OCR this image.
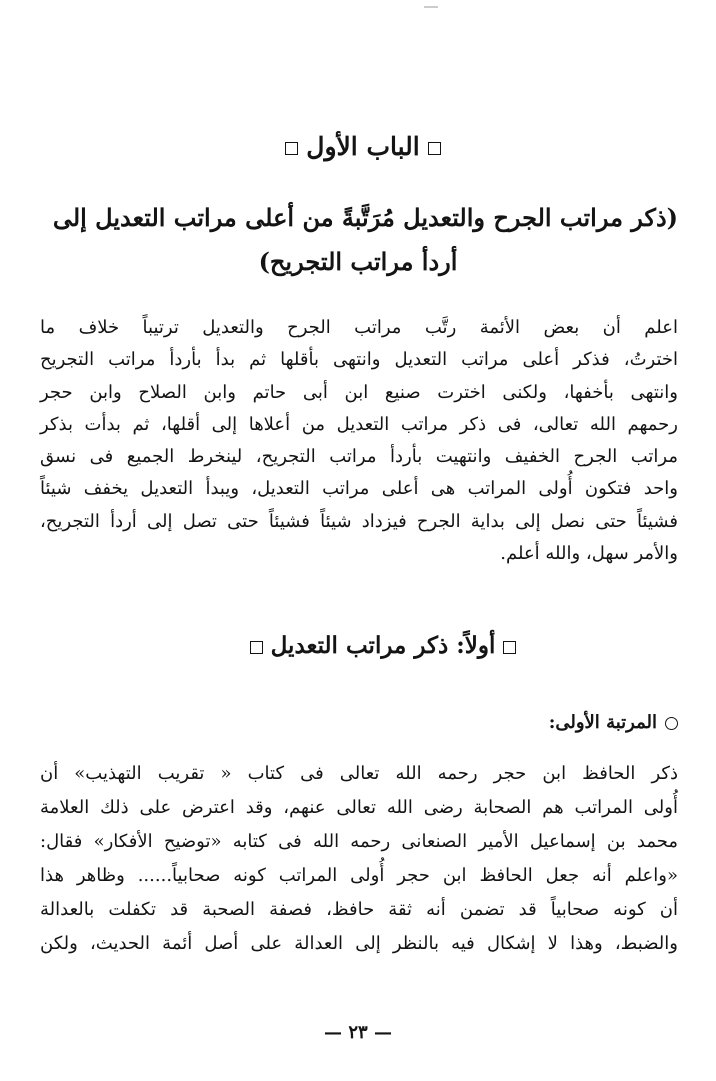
الباب الأول
(ذكر مراتب الجرح والتعديل مُرَتَّبةً من أعلى مراتب التعديل إلى
أردأ مراتب التجريح)
اعلم أن بعض الأئمة رتَّب مراتب الجرح والتعديل ترتيباً خلاف ما
اخترتُ، فذكر أعلى مراتب التعديل وانتهى بأقلها ثم بدأ بأردأ مراتب التجريح
وانتهى بأخفها، ولكنى اخترت صنيع ابن أبى حاتم وابن الصلاح وابن حجر
رحمهم الله تعالى، فى ذكر مراتب التعديل من أعلاها إلى أقلها، ثم بدأت بذكر
مراتب الجرح الخفيف وانتهيت بأردأ مراتب التجريح، لينخرط الجميع فى نسق
واحد فتكون أُولى المراتب هى أعلى مراتب التعديل، ويبدأ التعديل يخفف شيئاً
فشيئاً حتى نصل إلى بداية الجرح فيزداد شيئاً فشيئاً حتى تصل إلى أردأ التجريح،
والأمر سهل، والله أعلم.
أولاً: ذكر مراتب التعديل
المرتبة الأولى:
ذكر الحافظ ابن حجر رحمه الله تعالى فى كتاب « تقريب التهذيب» أن
أُولى المراتب هم الصحابة رضى الله تعالى عنهم، وقد اعترض على ذلك العلامة
محمد بن إسماعيل الأمير الصنعانى رحمه الله فى كتابه «توضيح الأفكار» فقال:
«واعلم أنه جعل الحافظ ابن حجر أُولى المراتب كونه صحابياً...... وظاهر هذا
أن كونه صحابياً قد تضمن أنه ثقة حافظ، فصفة الصحبة قد تكفلت بالعدالة
والضبط، وهذا لا إشكال فيه بالنظر إلى العدالة على أصل أئمة الحديث، ولكن
— ٢٣ —
